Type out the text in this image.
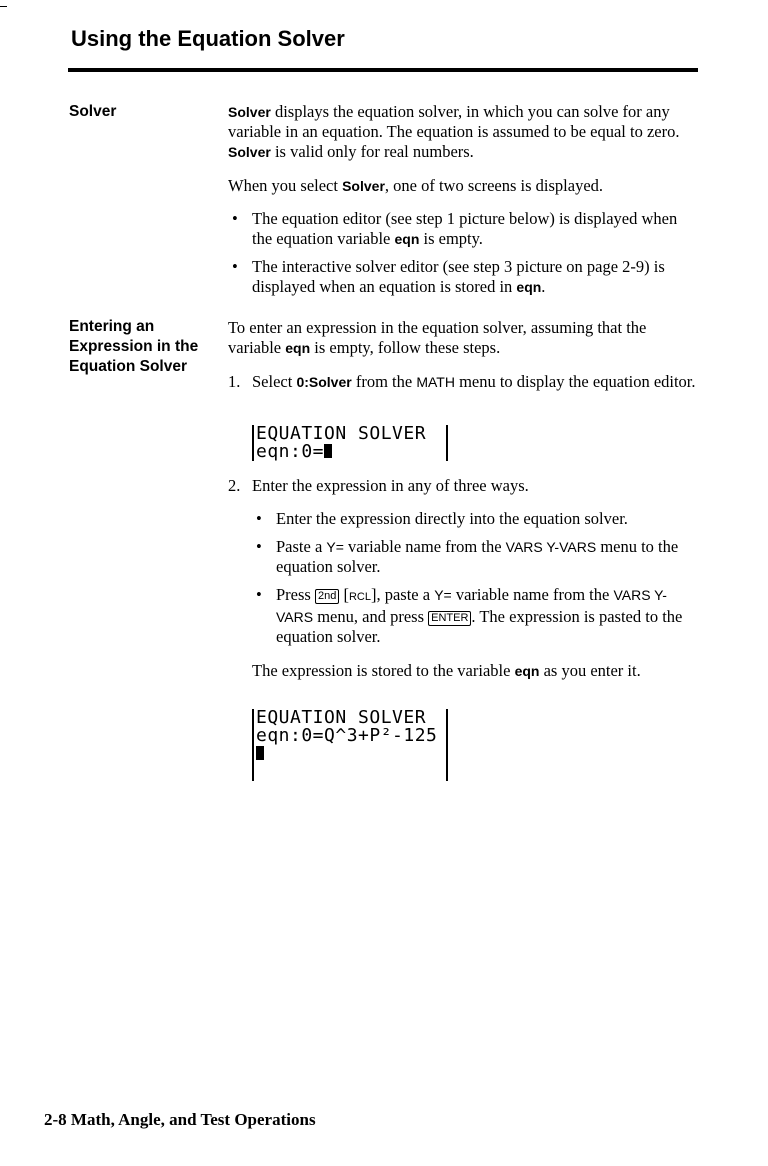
Using the Equation Solver
Solver	Solver displays the equation solver, in which you can solve for any variable in an equation. The equation is assumed to be equal to zero. Solver is valid only for real numbers.

When you select Solver, one of two screens is displayed.

• The equation editor (see step 1 picture below) is displayed when the equation variable eqn is empty.

• The interactive solver editor (see step 3 picture on page 2-9) is displayed when an equation is stored in eqn.

Entering an
Expression in the
Equation Solver

To enter an expression in the equation solver, assuming that the variable eqn is empty, follow these steps.

1. Select 0:Solver from the MATH menu to display the equation editor.

EQUATION SOLVER
eqn:0=

2. Enter the expression in any of three ways.

• Enter the expression directly into the equation solver.

• Paste a Y= variable name from the VARS Y-VARS menu to the equation solver.

• Press 2nd [RCL], paste a Y= variable name from the VARS Y-VARS menu, and press ENTER . The expression is pasted to the equation solver.

The expression is stored to the variable eqn as you enter it.

EQUATION SOLVER
eqn:0=Q^3+P²-125

2-8 Math, Angle, and Test Operations
